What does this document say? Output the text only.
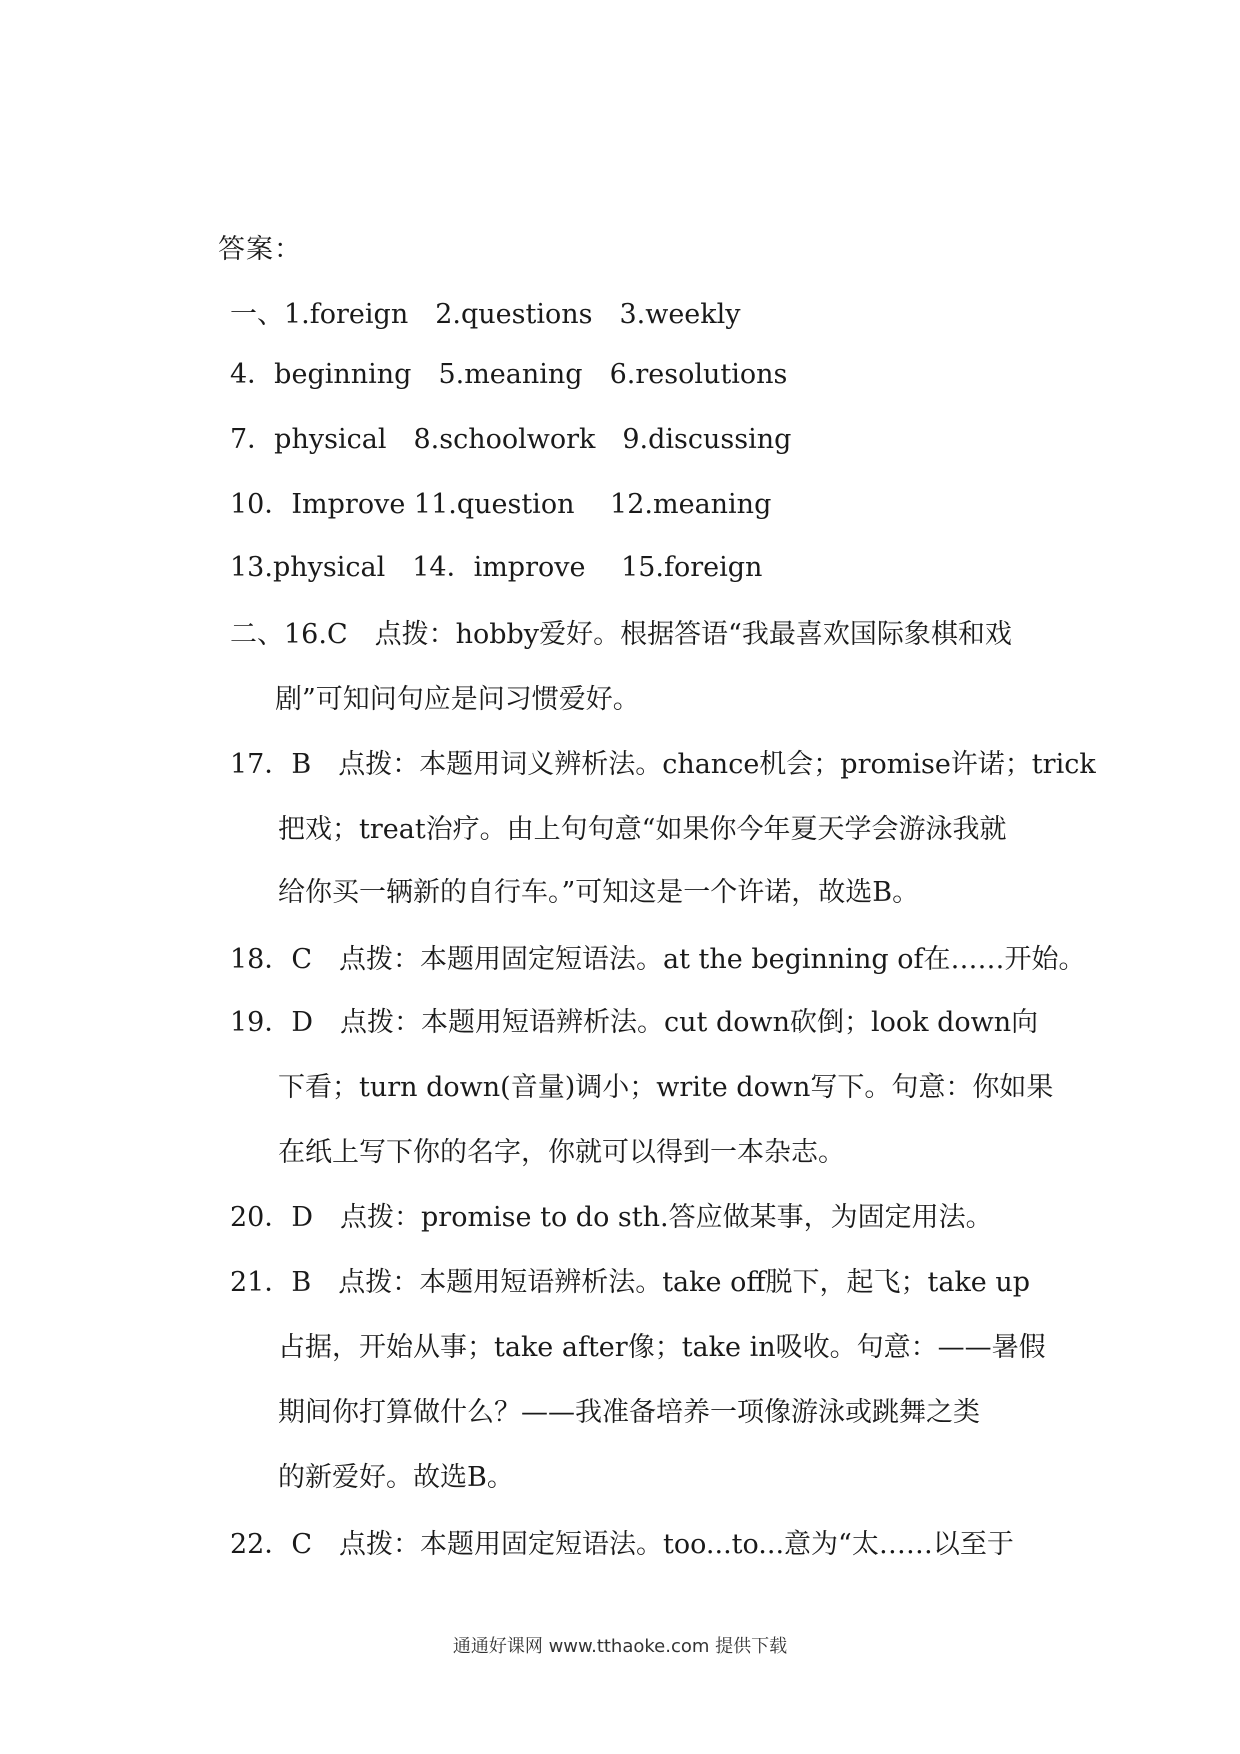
答案：
一、1.foreign　2.questions　3.weekly
4．beginning　5.meaning　6.resolutions
7．physical　8.schoolwork　9.discussing
10．Improve 11.question　 12.meaning
13.physical　14．improve　 15.foreign
二、16.C　点拨：hobby爱好。根据答语“我最喜欢国际象棋和戏
剧”可知问句应是问习惯爱好。
17．B　点拨：本题用词义辨析法。chance机会；promise许诺；trick
把戏；treat治疗。由上句句意“如果你今年夏天学会游泳我就
给你买一辆新的自行车。”可知这是一个许诺，故选B。
18．C　点拨：本题用固定短语法。at the beginning of在……开始。
19．D　点拨：本题用短语辨析法。cut down砍倒；look down向
下看；turn down(音量)调小；write down写下。句意：你如果
在纸上写下你的名字，你就可以得到一本杂志。
20．D　点拨：promise to do sth.答应做某事，为固定用法。
21．B　点拨：本题用短语辨析法。take off脱下，起飞；take up
占据，开始从事；take after像；take in吸收。句意：——暑假
期间你打算做什么？——我准备培养一项像游泳或跳舞之类
的新爱好。故选B。
22．C　点拨：本题用固定短语法。too...to...意为“太……以至于
通通好课网 www.tthaoke.com 提供下载
